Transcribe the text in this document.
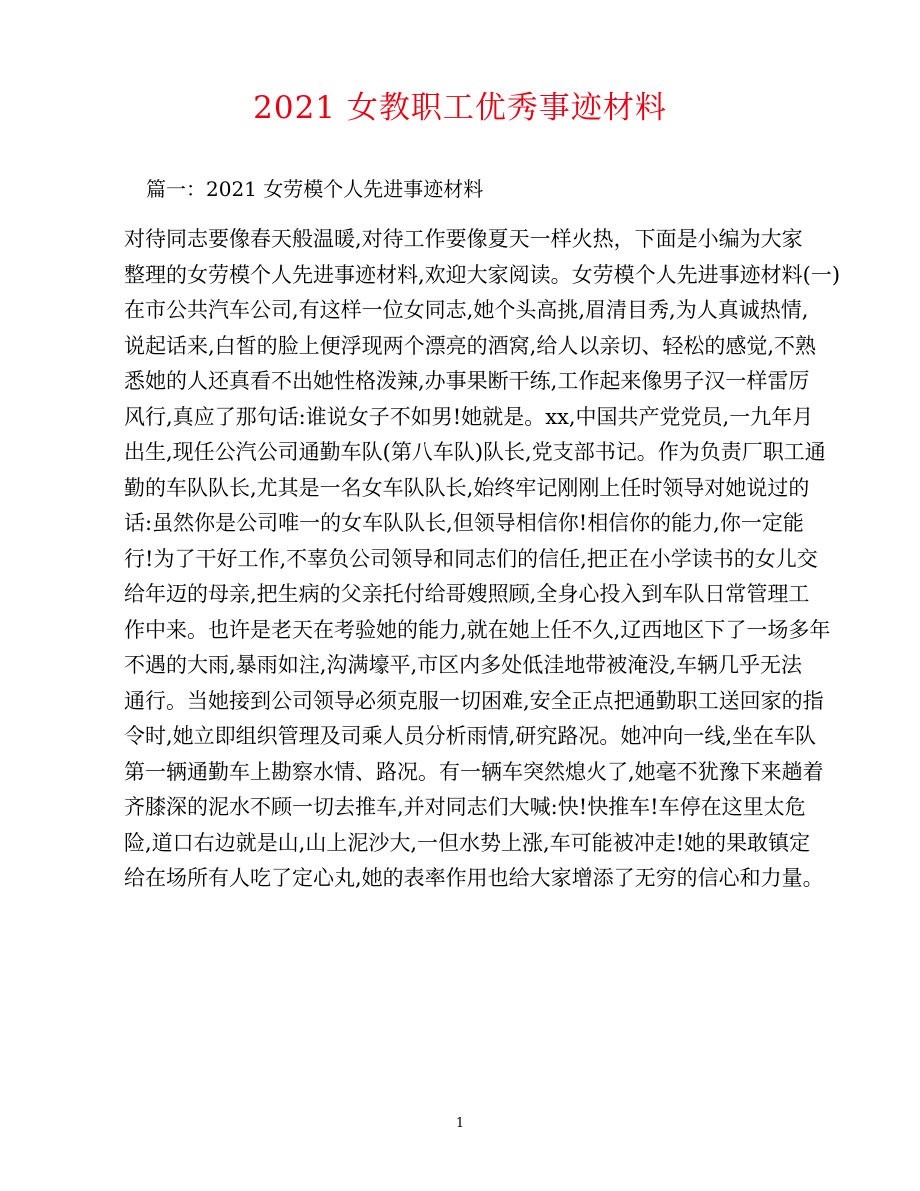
2021 女教职工优秀事迹材料
篇一：2021 女劳模个人先进事迹材料
对待同志要像春天般温暖,对待工作要像夏天一样火热，下面是小编为大家
整理的女劳模个人先进事迹材料,欢迎大家阅读。女劳模个人先进事迹材料(一)
在市公共汽车公司,有这样一位女同志,她个头高挑,眉清目秀,为人真诚热情,
说起话来,白皙的脸上便浮现两个漂亮的酒窝,给人以亲切、轻松的感觉,不熟
悉她的人还真看不出她性格泼辣,办事果断干练,工作起来像男子汉一样雷厉
风行,真应了那句话:谁说女子不如男!她就是。xx,中国共产党党员,一九年月
出生,现任公汽公司通勤车队(第八车队)队长,党支部书记。作为负责厂职工通
勤的车队队长,尤其是一名女车队队长,始终牢记刚刚上任时领导对她说过的
话:虽然你是公司唯一的女车队队长,但领导相信你!相信你的能力,你一定能
行!为了干好工作,不辜负公司领导和同志们的信任,把正在小学读书的女儿交
给年迈的母亲,把生病的父亲托付给哥嫂照顾,全身心投入到车队日常管理工
作中来。也许是老天在考验她的能力,就在她上任不久,辽西地区下了一场多年
不遇的大雨,暴雨如注,沟满壕平,市区内多处低洼地带被淹没,车辆几乎无法
通行。当她接到公司领导必须克服一切困难,安全正点把通勤职工送回家的指
令时,她立即组织管理及司乘人员分析雨情,研究路况。她冲向一线,坐在车队
第一辆通勤车上勘察水情、路况。有一辆车突然熄火了,她毫不犹豫下来趟着
齐膝深的泥水不顾一切去推车,并对同志们大喊:快!快推车!车停在这里太危
险,道口右边就是山,山上泥沙大,一但水势上涨,车可能被冲走!她的果敢镇定
给在场所有人吃了定心丸,她的表率作用也给大家增添了无穷的信心和力量。
1
